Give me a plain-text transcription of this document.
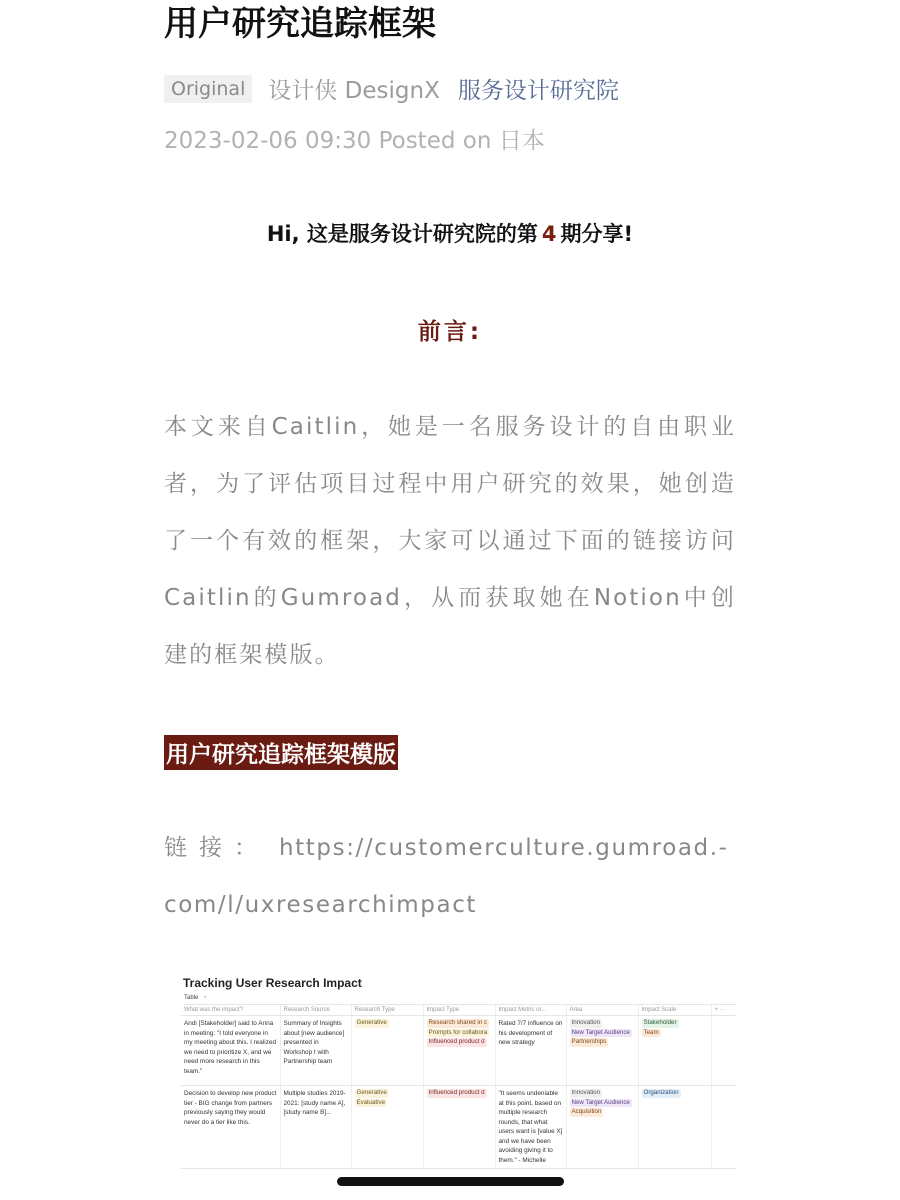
用户研究追踪框架
Original	设计侠 DesignX 服务设计研究院
2023-02-06 09:30 Posted on 日本
Hi, 这是服务设计研究院的第 4 期分享!
前言:
本文来自Caitlin，她是一名服务设计的自由职业者，为了评估项目过程中用户研究的效果，她创造了一个有效的框架，大家可以通过下面的链接访问Caitlin的Gumroad，从而获取她在Notion中创建的框架模版。
用户研究追踪框架模版
链接： https://customerculture.gumroad.-com/l/uxresearchimpact
Tracking User Research Impact
Table +
What was the impact?	Research Source	Research Type	Impact Type	Impact Metric or...	Area	Impact Scale	+ ···
Andi [Stakeholder] said to Anna in meeting: "I told everyone in my meeting about this. I realized we need to prioritize X, and we need more research in this team."	Summary of Insights about [new audience] presented in Workshop I with Partnership team	Generative	Research shared in c
Prompts for collabora
Influenced product d	Rated 7/7 influence on his development of new strategy	Innovation
New Target Audience
Partnerships	Stakeholder
Team	

Decision to develop new product tier - BIG change from partners previously saying they would never do a tier like this.	Multiple studies 2019-2021: [study name A], [study name B]...	Generative
Evaluative	Influenced product d	"It seems undeniable at this point, based on multiple research rounds, that what users want is [value X] and we have been avoiding giving it to them." - Michelle	Innovation
New Target Audience
Acquisition	Organization	
